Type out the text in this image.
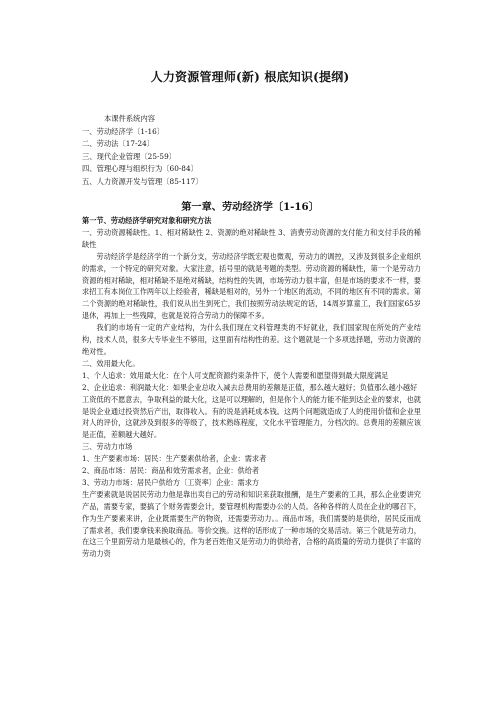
人力资源管理师(新) 根底知识(提纲)
本课件系统内容
一、劳动经济学〔1-16〕
二、劳动法〔17-24〕
三、现代企业管理〔25-59〕
四、管理心理与组织行为〔60-84〕
五、人力资源开发与管理〔85-117〕
第一章、劳动经济学〔1-16〕

第一节、劳动经济学研究对象和研究方法

一、劳动资源稀缺性。1、相对稀缺性 2、资源的绝对稀缺性 3、消费劳动资源的支付能力和支付手段的稀缺性

劳动经济学是经济学的一个新分支，劳动经济学既宏观也微观，劳动力的调控，又涉及到很多企业组织的需求，一个特定的研究对象。大家注意，括号里的就是考题的类型。劳动资源的稀缺性，第一个是劳动力资源的相对稀缺，相对稀缺不是绝对稀缺，结构性的失调，市场劳动力很丰富，但是市场的要求不一样，要求招工有本岗位工作两年以上经验者，稀缺是相对的，另外一个地区的流动，不同的地区有不同的需求。第二个资源的绝对稀缺性，我们说从出生到死亡，我们按照劳动法规定的话，14周岁算童工，我们国家65岁退休，再加上一些残障，也就是说符合劳动力的保障不多。

我们的市场有一定的产业结构，为什么我们现在文科管理类的不好就业，我们国家现在所处的产业结构，技术人员，很多大专毕业生不够用，这里面有结构性的差。这个题就是一个多项选择题，劳动力资源的绝对性。

二、效用最大化。

1、个人追求：效用最大化：在个人可支配资源约束条件下，使个人需要和愿望得到最大限度满足

2、企业追求：利润最大化：如果企业总收入减去总费用的差额是正值，那么越大越好；负值那么越小越好

工资低的不愿意去，争取利益的最大化，这是可以理解的，但是你个人的能力能不能到达企业的要求，也就是说企业通过投资然后产出，取得收入。有的说是消耗成本钱。这两个问题就造成了人的使用价值和企业里对人的评价，这就涉及到很多的等级了，技术熟练程度，文化水平管理能力，分档次的。总费用的差额应该是正值，差额越大越好。

三、劳动力市场

1、生产要素市场：居民：生产要素供给者，企业：需求者

2、商品市场：居民：商品和效劳需求者，企业：供给者

3、劳动力市场：居民户供给方〔工资率〕企业：需求方

生产要素就是说居民劳动力他是靠出卖自己的劳动和知识来获取报酬，是生产要素的工具，那么企业要讲究产品，需要专家，要搞了个财务需要会计，要管理机构需要办公的人员。各种各样的人员在企业的哪召下，作为生产要素来讲，企业既需要生产的物资，还需要劳动力。。商品市场，我们需要的是供给，居民反而成了需求者，我们要拿钱来换取商品。等价交换。这样的话形成了一种市场的交易活动。第三个就是劳动力，在这三个里面劳动力是最核心的，作为老百姓他又是劳动力的供给者，合格的高质量的劳动力提供了丰富的劳动力资
